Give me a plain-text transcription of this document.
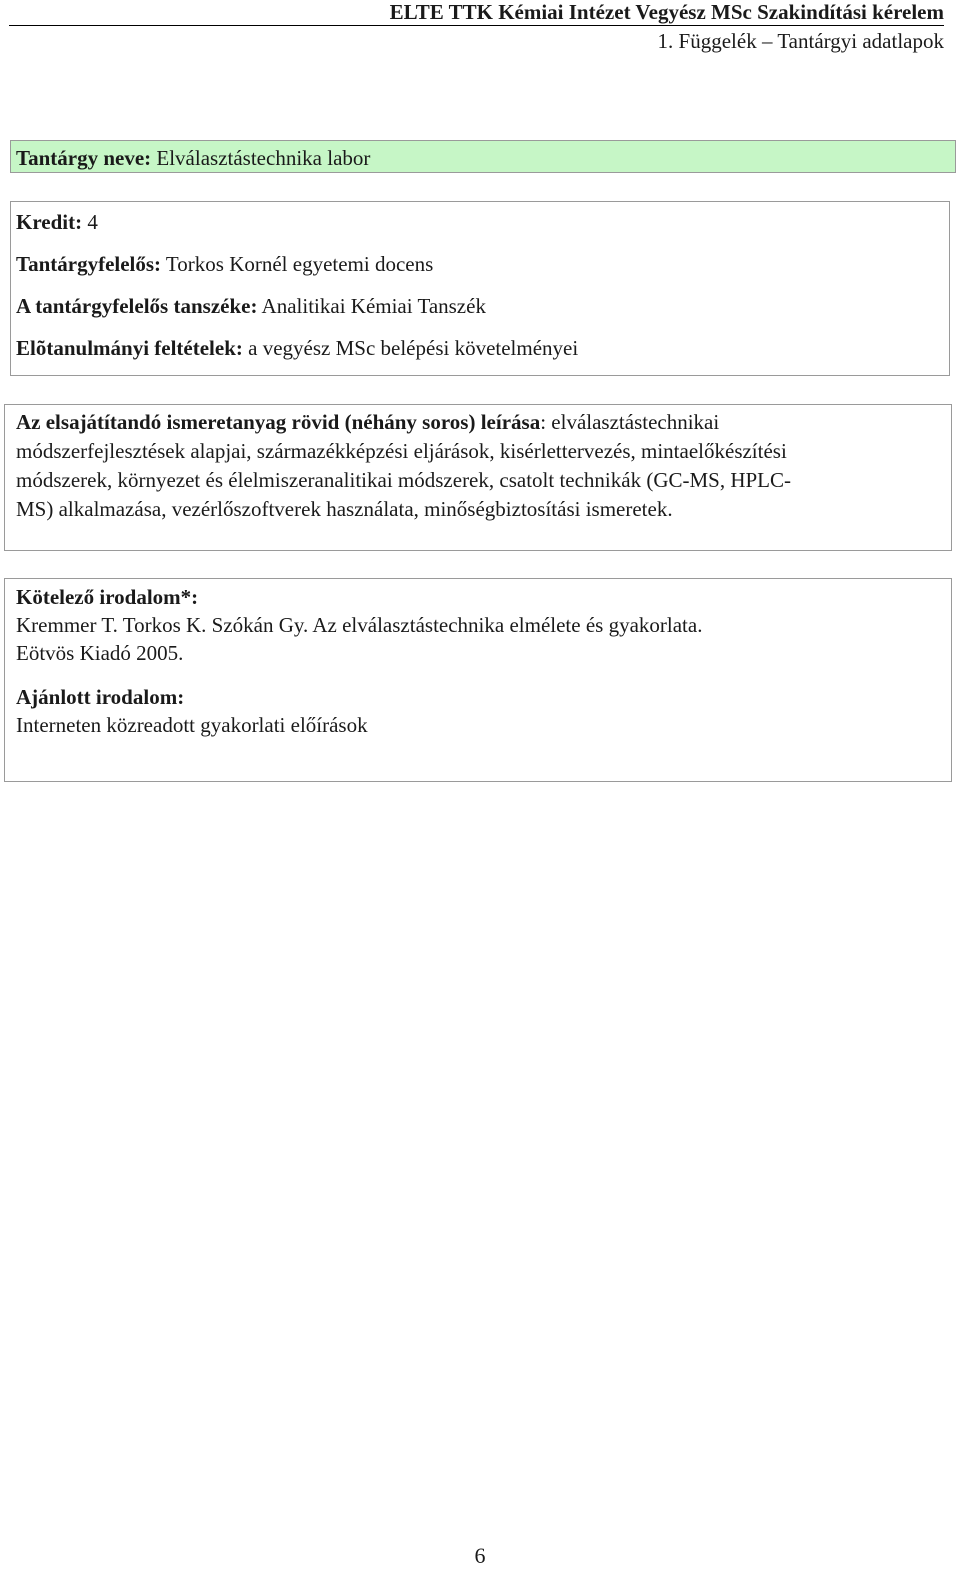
ELTE TTK Kémiai Intézet Vegyész MSc Szakindítási kérelem
1. Függelék – Tantárgyi adatlapok
Tantárgy neve: Elválasztástechnika labor
Kredit: 4
Tantárgyfelelős: Torkos Kornél egyetemi docens
A tantárgyfelelős tanszéke: Analitikai Kémiai Tanszék
Elõtanulmányi feltételek: a vegyész MSc belépési követelményei
Az elsajátítandó ismeretanyag rövid (néhány soros) leírása: elválasztástechnikai
módszerfejlesztések alapjai, származékképzési eljárások, kisérlettervezés, mintaelőkészítési
módszerek, környezet és élelmiszeranalitikai módszerek, csatolt technikák (GC-MS, HPLC-
MS) alkalmazása, vezérlőszoftverek használata, minőségbiztosítási ismeretek.
Kötelező irodalom*:
Kremmer T. Torkos K. Szókán Gy. Az elválasztástechnika elmélete és gyakorlata.
Eötvös Kiadó 2005.
Ajánlott irodalom:
Interneten közreadott gyakorlati előírások
6
